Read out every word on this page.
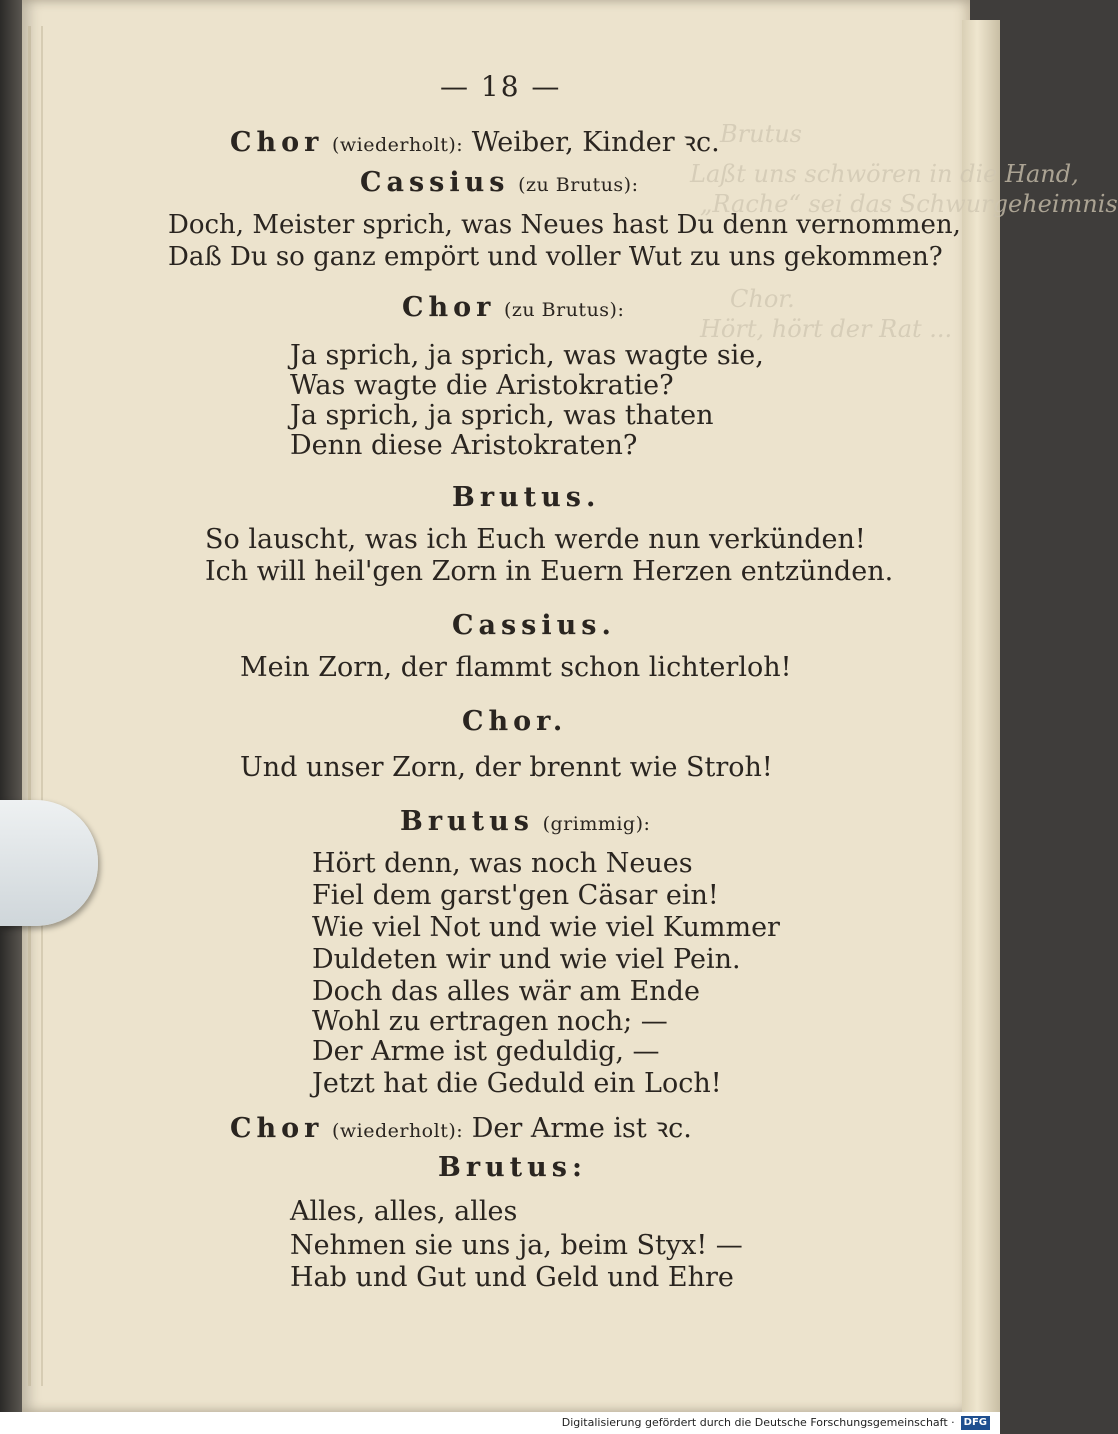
Brutus
Laßt uns schwören in die Hand,
„Rache“ sei das Schwurgeheimnis
Chor.
Hört, hört der Rat ...
— 18 —
Chor (wiederholt): Weiber, Kinder ꝛc.
Cassius (zu Brutus):
Doch, Meister sprich, was Neues hast Du denn vernommen,
Daß Du so ganz empört und voller Wut zu uns gekommen?
Chor (zu Brutus):
Ja sprich, ja sprich, was wagte sie,
Was wagte die Aristokratie?
Ja sprich, ja sprich, was thaten
Denn diese Aristokraten?
Brutus.
So lauscht, was ich Euch werde nun verkünden!
Ich will heil'gen Zorn in Euern Herzen entzünden.
Cassius.
Mein Zorn, der flammt schon lichterloh!
Chor.
Und unser Zorn, der brennt wie Stroh!
Brutus (grimmig):
Hört denn, was noch Neues
Fiel dem garst'gen Cäsar ein!
Wie viel Not und wie viel Kummer
Duldeten wir und wie viel Pein.
Doch das alles wär am Ende
Wohl zu ertragen noch; —
Der Arme ist geduldig, —
Jetzt hat die Geduld ein Loch!
Chor (wiederholt): Der Arme ist ꝛc.
Brutus:
Alles, alles, alles
Nehmen sie uns ja, beim Styx! —
Hab und Gut und Geld und Ehre
Digitalisierung gefördert durch die Deutsche Forschungsgemeinschaft · DFG
